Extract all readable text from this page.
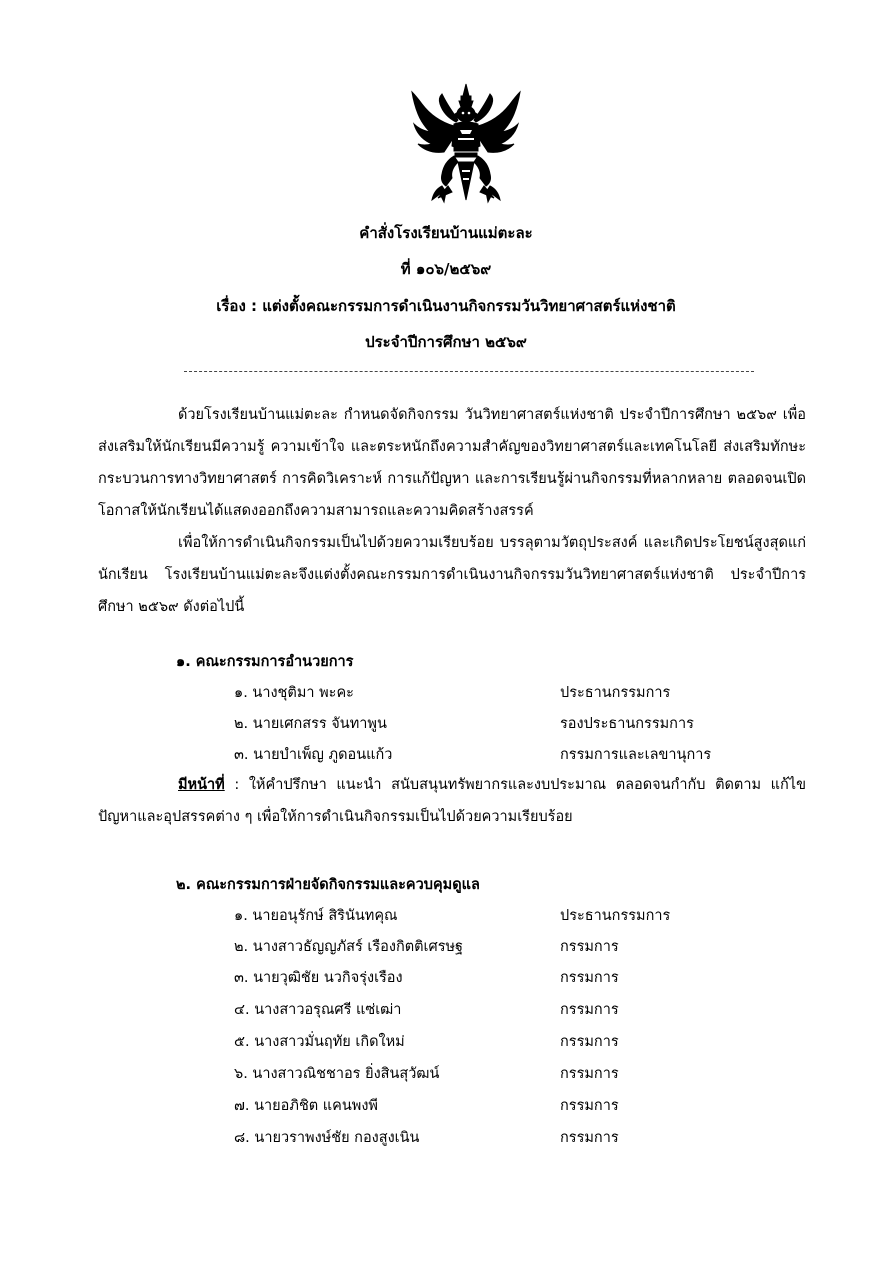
คำสั่งโรงเรียนบ้านแม่ตะละ
ที่ ๑๐๖/๒๕๖๙
เรื่อง : แต่งตั้งคณะกรรมการดำเนินงานกิจกรรมวันวิทยาศาสตร์แห่งชาติ
ประจำปีการศึกษา ๒๕๖๙

ด้วยโรงเรียนบ้านแม่ตะละ กำหนดจัดกิจกรรม วันวิทยาศาสตร์แห่งชาติ ประจำปีการศึกษา ๒๕๖๙ เพื่อส่งเสริมให้นักเรียนมีความรู้ ความเข้าใจ และตระหนักถึงความสำคัญของวิทยาศาสตร์และเทคโนโลยี ส่งเสริมทักษะกระบวนการทางวิทยาศาสตร์ การคิดวิเคราะห์ การแก้ปัญหา และการเรียนรู้ผ่านกิจกรรมที่หลากหลาย ตลอดจนเปิดโอกาสให้นักเรียนได้แสดงออกถึงความสามารถและความคิดสร้างสรรค์

เพื่อให้การดำเนินกิจกรรมเป็นไปด้วยความเรียบร้อย บรรลุตามวัตถุประสงค์ และเกิดประโยชน์สูงสุดแก่นักเรียน โรงเรียนบ้านแม่ตะละจึงแต่งตั้งคณะกรรมการดำเนินงานกิจกรรมวันวิทยาศาสตร์แห่งชาติ ประจำปีการศึกษา ๒๕๖๙ ดังต่อไปนี้

๑. คณะกรรมการอำนวยการ
๑. นางชุติมา พะคะ	ประธานกรรมการ
๒. นายเศกสรร จันทาพูน	รองประธานกรรมการ
๓. นายบำเพ็ญ ภูดอนแก้ว	กรรมการและเลขานุการ

มีหน้าที่ : ให้คำปรึกษา แนะนำ สนับสนุนทรัพยากรและงบประมาณ ตลอดจนกำกับ ติดตาม แก้ไขปัญหาและอุปสรรคต่าง ๆ เพื่อให้การดำเนินกิจกรรมเป็นไปด้วยความเรียบร้อย

๒. คณะกรรมการฝ่ายจัดกิจกรรมและควบคุมดูแล
๑. นายอนุรักษ์ สิรินันทคุณ	ประธานกรรมการ
๒. นางสาวธัญญภัสร์ เรืองกิตติเศรษฐ	กรรมการ
๓. นายวุฒิชัย นวกิจรุ่งเรือง	กรรมการ
๔. นางสาวอรุณศรี แซ่เฒ่า	กรรมการ
๕. นางสาวมั่นฤทัย เกิดใหม่	กรรมการ
๖. นางสาวณิชชาอร ยิ่งสินสุวัฒน์	กรรมการ
๗. นายอภิชิต แคนพงพี	กรรมการ
๘. นายวราพงษ์ชัย กองสูงเนิน	กรรมการ
